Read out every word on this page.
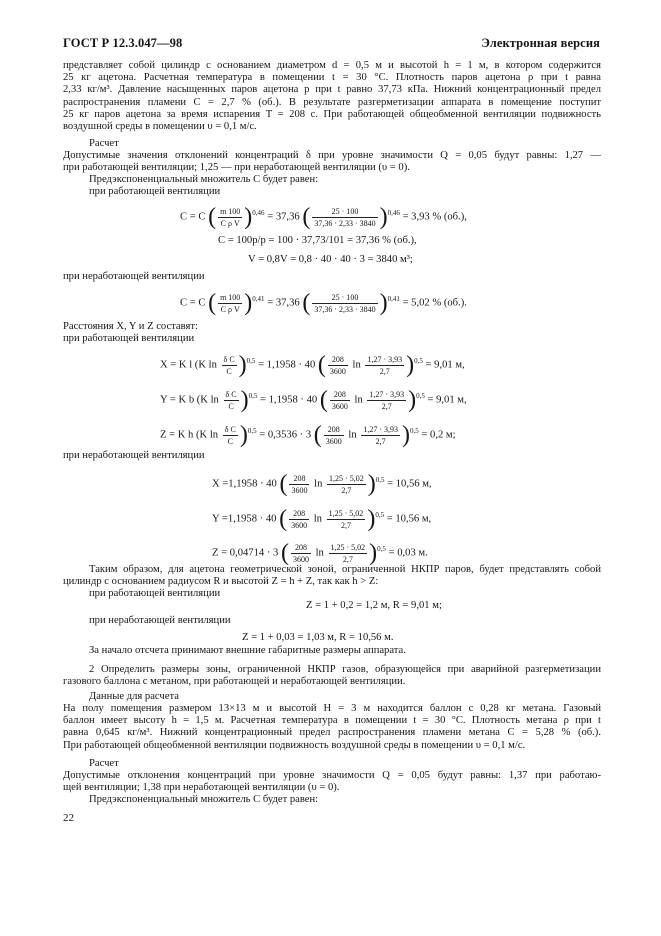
ГОСТ Р 12.3.047—98	Электронная версия
представляет собой цилиндр с основанием диаметром d = 0,5 м и высотой h = 1 м, в котором содержится
25 кг ацетона. Расчетная температура в помещении t = 30 °С. Плотность паров ацетона ρ при t равна
2,33 кг/м³. Давление насыщенных паров ацетона p при t равно 37,73 кПа. Нижний концентрационный предел
распространения пламени C = 2,7 % (об.). В результате разгерметизации аппарата в помещение поступит
25 кг паров ацетона за время испарения T = 208 с. При работающей общеобменной вентиляции подвижность
воздушной среды в помещении υ = 0,1 м/с.
Расчет
Допустимые значения отклонений концентраций δ при уровне значимости Q = 0,05 будут равны: 1,27 —
при работающей вентиляции; 1,25 — при неработающей вентиляции (υ = 0).
Предэкспоненциальный множитель C будет равен:
при работающей вентиляции
C = C ( $\frac{m 100}{\text{C ρ V}} )^{0,46} = 37,36$ ( $\frac{25 \cdot 100}{37,36 \cdot 2,33 \cdot 3840} )^{0,46} = 3,93$ % (об.),
C = 100p/p = 100 · 37,73/101 = 37,36 % (об.),
V = 0,8V = 0,8 · 40 · 40 · 3 = 3840 м³;
при неработающей вентиляции
C = C ( $\frac{m 100}{\text{C ρ V}} )^{0,41} = 37,36$ ( $\frac{25 \cdot 100}{37,36 \cdot 2,33 \cdot 3840} )^{0,41} = 5,02$ % (об.).
Расстояния X, Y и Z составят:
при работающей вентиляции
X = K l (K $\ln \frac{\text{δ C}}{C} )^{0,5} = 1,1958 \cdot 40$ ( $\frac{208}{3600}$ $\ln \frac{1,27 \cdot 3,93}{2,7} )^{0,5} = 9,01$ м,
Y = K b (K $\ln \frac{\text{δ C}}{C} )^{0,5} = 1,1958 \cdot 40$ ( $\frac{208}{3600}$ $\ln \frac{1,27 \cdot 3,93}{2,7} )^{0,5} = 9,01$ м,
Z = K h (K $\ln \frac{\text{δ C}}{C} )^{0,5} = 0,3536 \cdot 3$ ( $\frac{208}{3600}$ $\ln \frac{1,27 \cdot 3,93}{2,7} )^{0,5} = 0,2$ м;
при неработающей вентиляции
X =1,1958 · 40 ( $\frac{208}{3600}$ $\ln \frac{1,25 \cdot 5,02}{2,7} )^{0,5} = 10,56$ м,
Y =1,1958 · 40 ( $\frac{208}{3600}$ $\ln \frac{1,25 \cdot 5,02}{2,7} )^{0,5} = 10,56$ м,
Z = 0,04714 · 3 ( $\frac{208}{3600}$ $\ln \frac{1,25 \cdot 5,02}{2,7} )^{0,5} = 0,03$ м.
Таким образом, для ацетона геометрической зоной, ограниченной НКПР паров, будет представлять собой
цилиндр с основанием радиусом R и высотой Z = h + Z, так как h > Z:
при работающей вентиляции
Z = 1 + 0,2 = 1,2 м, R = 9,01 м;
при неработающей вентиляции
Z = 1 + 0,03 = 1,03 м, R = 10,56 м.
За начало отсчета принимают внешние габаритные размеры аппарата.
2 Определить размеры зоны, ограниченной НКПР газов, образующейся при аварийной разгерметизации
газового баллона с метаном, при работающей и неработающей вентиляции.
Данные для расчета
На полу помещения размером 13×13 м и высотой H = 3 м находится баллон с 0,28 кг метана. Газовый
баллон имеет высоту h = 1,5 м. Расчетная температура в помещении t = 30 °С. Плотность метана ρ при t
равна 0,645 кг/м³. Нижний концентрационный предел распространения пламени метана C = 5,28 % (об.).
При работающей общеобменной вентиляции подвижность воздушной среды в помещении υ = 0,1 м/с.
Расчет
Допустимые отклонения концентраций при уровне значимости Q = 0,05 будут равны: 1,37 при работаю-
щей вентиляции; 1,38 при неработающей вентиляции (υ = 0).
Предэкспоненциальный множитель C будет равен:
22
